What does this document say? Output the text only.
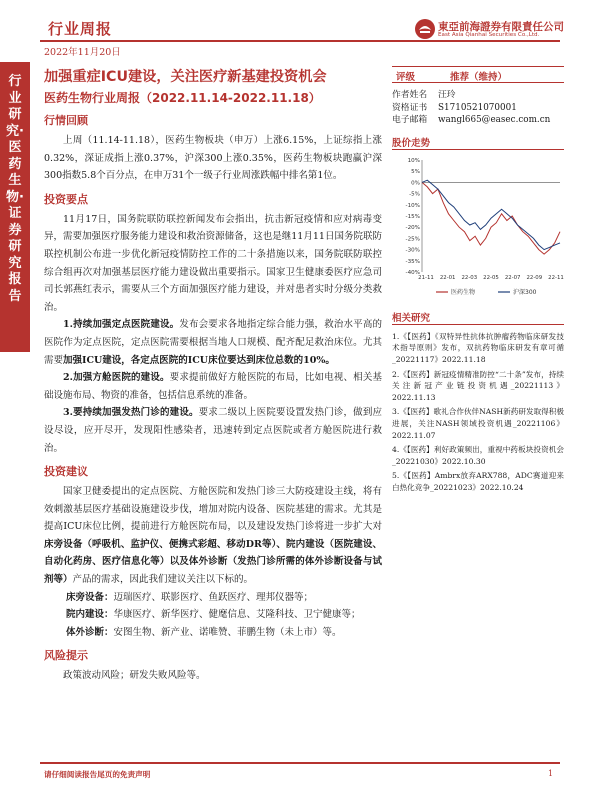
行业周报
2022年11月20日
東亞前海證券有限責任公司
East Asia Qianhai Securities Co.,Ltd.
行业研究·医药生物·证券研究报告
加强重症ICU建设，关注医疗新基建投资机会
医药生物行业周报（2022.11.14-2022.11.18）
行情回顾

上周（11.14-11.18），医药生物板块（申万）上涨6.15%，上证综指上涨0.32%，深证成指上涨0.37%，沪深300上涨0.35%，医药生物板块跑赢沪深300指数5.8个百分点，在申万31个一级子行业周涨跌幅中排名第1位。

投资要点

11月17日，国务院联防联控新闻发布会指出，抗击新冠疫情和应对病毒变异，需要加强医疗服务能力建设和救治资源储备，这也是继11月11日国务院联防联控机制公布进一步优化新冠疫情防控工作的二十条措施以来，国务院联防联控综合组再次对加强基层医疗能力建设做出重要指示。国家卫生健康委医疗应急司司长郭燕红表示，需要从三个方面加强医疗能力建设，并对患者实时分级分类救治。

1.持续加强定点医院建设。发布会要求各地指定综合能力强，救治水平高的医院作为定点医院，定点医院需要根据当地人口规模、配齐配足救治床位。尤其需要加强ICU建设，各定点医院的ICU床位要达到床位总数的10%。

2.加强方舱医院的建设。要求提前做好方舱医院的布局，比如电视、相关基础设施布局、物资的准备，包括信息系统的准备。

3.要持续加强发热门诊的建设。要求二级以上医院要设置发热门诊，做到应设尽设，应开尽开，发现阳性感染者，迅速转到定点医院或者方舱医院进行救治。

投资建议

国家卫健委提出的定点医院、方舱医院和发热门诊三大防疫建设主线，将有效刺激基层医疗基础设施建设步伐，增加对院内设备、医院基建的需求。尤其是提高ICU床位比例，提前进行方舱医院布局，以及建设发热门诊将进一步扩大对床旁设备（呼吸机、监护仪、便携式彩超、移动DR等）、院内建设（医院建设、自动化药房、医疗信息化等）以及体外诊断（发热门诊所需的体外诊断设备与试剂等）产品的需求，因此我们建议关注以下标的。

床旁设备：迈瑞医疗、联影医疗、鱼跃医疗、理邦仪器等；

院内建设：华康医疗、新华医疗、健麾信息、艾隆科技、卫宁健康等；

体外诊断：安图生物、新产业、诺唯赞、菲鹏生物（未上市）等。

风险提示

政策波动风险；研发失败风险等。

评级	推荐（维持）
作者姓名	汪玲
资格证书	S1710521070001
电子邮箱	wangl665@easec.com.cn
股价走势
10%
5%
0%
-5%
-10%
-15%
-20%
-25%
-30%
-35%
-40%
21-11 22-01 22-03 22-05 22-07 22-09 22-11
医药生物	沪深300
相关研究
1.《【医药】《双特异性抗体抗肿瘤药物临床研发技术指导原则》发布，双抗药物临床研发有章可循_20221117》2022.11.18
2.《【医药】新冠疫情精准防控“二十条”发布，持续关注新冠产业链投资机遇_20221113》2022.11.13
3.《【医药】歌礼合作伙伴NASH新药研发取得积极进展，关注NASH领域投资机遇_20221106》2022.11.07
4.《【医药】利好政策频出，重视中药板块投资机会_20221030》2022.10.30
5.《【医药】Ambrx放弃ARX788，ADC赛道迎来白热化竞争_20221023》2022.10.24
请仔细阅读报告尾页的免责声明	1
